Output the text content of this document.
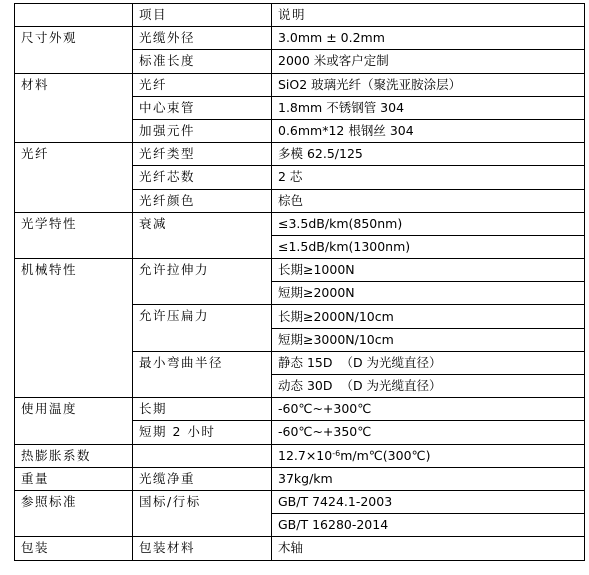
	项目	说明
尺寸外观	光缆外径	3.0mm ± 0.2mm
	标准长度	2000 米或客户定制
材料	光纤	SiO2 玻璃光纤（聚洗亚胺涂层）
	中心束管	1.8mm 不锈钢管 304
	加强元件	0.6mm*12 根钢丝 304
光纤	光纤类型	多模 62.5/125
	光纤芯数	2 芯
	光纤颜色	棕色
光学特性	衰减	≤3.5dB/km(850nm)
		≤1.5dB/km(1300nm)
机械特性	允许拉伸力	长期≥1000N
		短期≥2000N
	允许压扁力	长期≥2000N/10cm
		短期≥3000N/10cm
	最小弯曲半径	静态 15D  （D 为光缆直径）
		动态 30D  （D 为光缆直径）
使用温度	长期	-60℃~+300℃
	短期 2 小时	-60℃~+350℃
热膨胀系数		$12.7\times 10^{-6}m/m℃(300℃)$
重量	光缆净重	37kg/km
参照标准	国标/行标	GB/T 7424.1-2003
		GB/T 16280-2014
包装	包装材料	木轴
